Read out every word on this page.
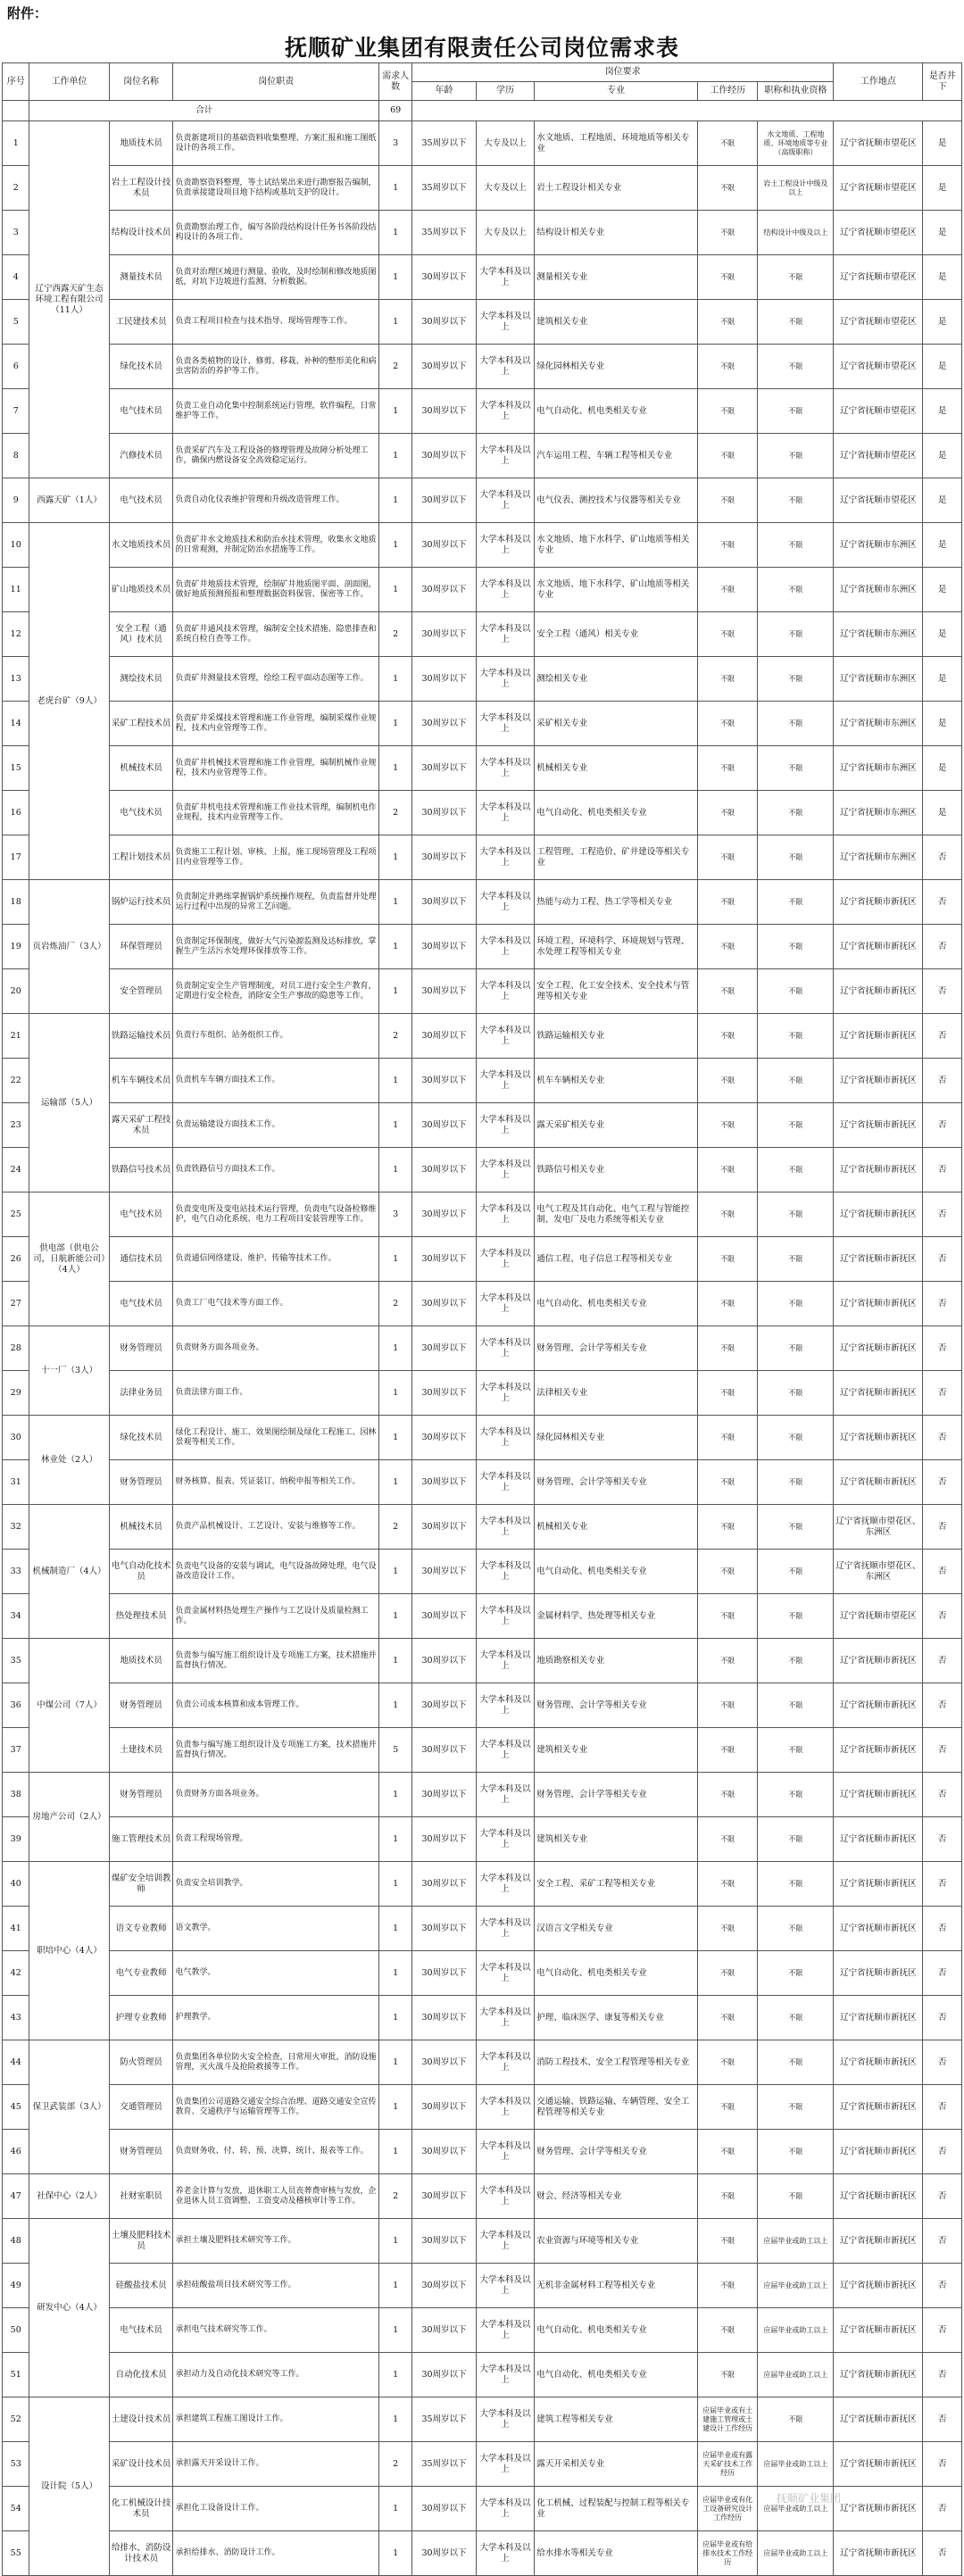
附件：
抚顺矿业集团有限责任公司岗位需求表
序号	工作单位	岗位名称	岗位职责	需求人数	岗位要求					工作地点	是否井下
					年龄	学历	专业	工作经历	职称和执业资格		
	合计			69							
1	辽宁西露天矿生态环境工程有限公司（11人）	地质技术员	负责新建项目的基础资料收集整理、方案汇报和施工图纸设计的各项工作。	3	35周岁以下	大专及以上	水文地质、工程地质、环境地质等相关专业	不限	水文地质、工程地质、环境地质等专业（高级职称）	辽宁省抚顺市望花区	是
2		岩土工程设计技术员	负责勘察资料整理，等土试结果出来进行勘察报告编制，负责承接建设项目地下结构或基坑支护的设计。	1	35周岁以下	大专及以上	岩土工程设计相关专业	不限	岩土工程设计中级及以上	辽宁省抚顺市望花区	是
3		结构设计技术员	负责勘察治理工作，编写各阶段结构设计任务书各阶段结构设计的各项工作。	1	35周岁以下	大专及以上	结构设计相关专业	不限	结构设计中级及以上	辽宁省抚顺市望花区	是
4		测量技术员	负责对治理区域进行测量、验收，及时绘制和修改地质图纸，对坑下边坡进行监测、分析数据。	1	30周岁以下	大学本科及以上	测量相关专业	不限	不限	辽宁省抚顺市望花区	是
5		工民建技术员	负责工程项目检查与技术指导、现场管理等工作。	1	30周岁以下	大学本科及以上	建筑相关专业	不限	不限	辽宁省抚顺市望花区	是
6		绿化技术员	负责各类植物的设计、修剪、移栽、补种的整形美化和病虫害防治的养护等工作。	2	30周岁以下	大学本科及以上	绿化园林相关专业	不限	不限	辽宁省抚顺市望花区	是
7		电气技术员	负责工业自动化集中控制系统运行管理，软件编程，日常维护等工作。	1	30周岁以下	大学本科及以上	电气自动化、机电类相关专业	不限	不限	辽宁省抚顺市望花区	是
8		汽修技术员	负责采矿汽车及工程设备的修理管理及故障分析处理工作，确保内燃设备安全高效稳定运行。	1	30周岁以下	大学本科及以上	汽车运用工程、车辆工程等相关专业	不限	不限	辽宁省抚顺市望花区	是
9	西露天矿（1人）	电气技术员	负责自动化仪表维护管理和升级改造管理工作。	1	30周岁以下	大学本科及以上	电气仪表、测控技术与仪器等相关专业	不限	不限	辽宁省抚顺市望花区	是
10	老虎台矿（9人）	水文地质技术员	负责矿井水文地质技术和防治水技术管理，收集水文地质的日常观测，并制定防治水措施等工作。	1	30周岁以下	大学本科及以上	水文地质、地下水科学、矿山地质等相关专业	不限	不限	辽宁省抚顺市东洲区	是
11		矿山地质技术员	负责矿井地质技术管理，绘制矿井地质图平面、剖面图，做好地质预测预报和整理数据资料保管、保密等工作。	1	30周岁以下	大学本科及以上	水文地质、地下水科学、矿山地质等相关专业	不限	不限	辽宁省抚顺市东洲区	是
12		安全工程（通风）技术员	负责矿井通风技术管理，编制安全技术措施、隐患排查和系统自检自查等工作。	2	30周岁以下	大学本科及以上	安全工程（通风）相关专业	不限	不限	辽宁省抚顺市东洲区	是
13		测绘技术员	负责矿井测量技术管理，绘绘工程平面动态图等工作。	1	30周岁以下	大学本科及以上	测绘相关专业	不限	不限	辽宁省抚顺市东洲区	是
14		采矿工程技术员	负责矿井采煤技术管理和施工作业管理，编制采煤作业规程，技术内业管理等工作。	1	30周岁以下	大学本科及以上	采矿相关专业	不限	不限	辽宁省抚顺市东洲区	是
15		机械技术员	负责矿井机械技术管理和施工作业管理，编制机械作业规程，技术内业管理等工作。	1	30周岁以下	大学本科及以上	机械相关专业	不限	不限	辽宁省抚顺市东洲区	是
16		电气技术员	负责矿井机电技术管理和施工作业技术管理，编制机电作业规程，技术内业管理等工作。	2	30周岁以下	大学本科及以上	电气自动化、机电类相关专业	不限	不限	辽宁省抚顺市东洲区	是
17		工程计划技术员	负责施工工程计划、审核、上报，施工现场管理及工程项目内业管理等工作。	1	30周岁以下	大学本科及以上	工程管理、工程造价、矿井建设等相关专业	不限	不限	辽宁省抚顺市东洲区	否
18	页岩炼油厂（3人）	锅炉运行技术员	负责制定并熟练掌握锅炉系统操作规程，负责监督并处理运行过程中出现的异常工艺问题。	1	30周岁以下	大学本科及以上	热能与动力工程、热工学等相关专业	不限	不限	辽宁省抚顺市新抚区	否
19		环保管理员	负责制定环保制度，做好大气污染源监测及达标排放，掌握生产生活污水处理环保排放等工作。	1	30周岁以下	大学本科及以上	环境工程、环境科学、环境规划与管理、水处理工程等相关专业	不限	不限	辽宁省抚顺市新抚区	否
20		安全管理员	负责制定安全生产管理制度，对员工进行安全生产教育，定期进行安全检查，消除安全生产事故的隐患等工作。	1	30周岁以下	大学本科及以上	安全工程、化工安全技术、安全技术与管理等相关专业	不限	不限	辽宁省抚顺市新抚区	否
21	运输部（5人）	铁路运输技术员	负责行车组织、站务组织工作。	2	30周岁以下	大学本科及以上	铁路运输相关专业	不限	不限	辽宁省抚顺市新抚区	否
22		机车车辆技术员	负责机车车辆方面技术工作。	1	30周岁以下	大学本科及以上	机车车辆相关专业	不限	不限	辽宁省抚顺市新抚区	否
23		露天采矿工程技术员	负责运输建设方面技术工作。	1	30周岁以下	大学本科及以上	露天采矿相关专业	不限	不限	辽宁省抚顺市新抚区	否
24		铁路信号技术员	负责铁路信号方面技术工作。	1	30周岁以下	大学本科及以上	铁路信号相关专业	不限	不限	辽宁省抚顺市新抚区	否
25	供电部（供电公司，日航新能公司）（4人）	电气技术员	负责变电所及变电站技术运行管理，负责电气设备检修维护，电气自动化系统、电力工程项目安装管理等工作。	3	30周岁以下	大学本科及以上	电气工程及其自动化、电气工程与智能控制、发电厂及电力系统等相关专业	不限	不限	辽宁省抚顺市新抚区	否
26		通信技术员	负责通信网络建设、维护、传输等技术工作。	1	30周岁以下	大学本科及以上	通信工程、电子信息工程等相关专业	不限	不限	辽宁省抚顺市新抚区	否
27		电气技术员	负责工厂电气技术等方面工作。	2	30周岁以下	大学本科及以上	电气自动化、机电类相关专业	不限	不限	辽宁省抚顺市新抚区	否
28	十一厂（3人）	财务管理员	负责财务方面各项业务。	1	30周岁以下	大学本科及以上	财务管理、会计学等相关专业	不限	不限	辽宁省抚顺市新抚区	否
29		法律业务员	负责法律方面工作。	1	30周岁以下	大学本科及以上	法律相关专业	不限	不限	辽宁省抚顺市新抚区	否
30	林业处（2人）	绿化技术员	绿化工程设计、施工、效果图绘制及绿化工程施工、园林景观等相关工作。	1	30周岁以下	大学本科及以上	绿化园林相关专业	不限	不限	辽宁省抚顺市新抚区	否
31		财务管理员	财务核算、报表、凭证装订、纳税申报等相关工作。	1	30周岁以下	大学本科及以上	财务管理、会计学等相关专业	不限	不限	辽宁省抚顺市新抚区	否
32	机械制造厂（4人）	机械技术员	负责产品机械设计、工艺设计、安装与维修等工作。	2	30周岁以下	大学本科及以上	机械相关专业	不限	不限	辽宁省抚顺市望花区、东洲区	否
33		电气自动化技术员	负责电气设备的安装与调试，电气设备故障处理，电气设备改造设计工作。	1	30周岁以下	大学本科及以上	电气自动化、机电类相关专业	不限	不限	辽宁省抚顺市望花区、东洲区	否
34		热处理技术员	负责金属材料热处理生产操作与工艺设计及质量检测工作。	1	30周岁以下	大学本科及以上	金属材料学、热处理等相关专业	不限	不限	辽宁省抚顺市望花区	否
35	中煤公司（7人）	地质技术员	负责参与编写施工组织设计及专项施工方案，技术措施并监督执行情况。	1	30周岁以下	大学本科及以上	地质勘察相关专业	不限	不限	辽宁省抚顺市新抚区	否
36		财务管理员	负责公司成本核算和成本管理工作。	1	30周岁以下	大学本科及以上	财务管理、会计学等相关专业	不限	不限	辽宁省抚顺市新抚区	否
37		土建技术员	负责参与编写施工组织设计及专项施工方案，技术措施并监督执行情况。	5	30周岁以下	大学本科及以上	建筑相关专业	不限	不限	辽宁省抚顺市新抚区	否
38	房地产公司（2人）	财务管理员	负责财务方面各项业务。	1	30周岁以下	大学本科及以上	财务管理、会计学等相关专业	不限	不限	辽宁省抚顺市新抚区	否
39		施工管理技术员	负责工程现场管理。	1	30周岁以下	大学本科及以上	建筑相关专业	不限	不限	辽宁省抚顺市新抚区	否
40	职培中心（4人）	煤矿安全培训教师	负责安全培训教学。	1	30周岁以下	大学本科及以上	安全工程、采矿工程等相关专业	不限	不限	辽宁省抚顺市新抚区	否
41		语文专业教师	语文教学。	1	30周岁以下	大学本科及以上	汉语言文学相关专业	不限	不限	辽宁省抚顺市新抚区	否
42		电气专业教师	电气教学。	1	30周岁以下	大学本科及以上	电气自动化、机电类相关专业	不限	不限	辽宁省抚顺市新抚区	否
43		护理专业教师	护理教学。	1	30周岁以下	大学本科及以上	护理、临床医学、康复等相关专业	不限	不限	辽宁省抚顺市新抚区	否
44	保卫武装部（3人）	防火管理员	负责集团各单位防火安全检查，日常用火审批，消防设施管理，灭火战斗及抢险救援等工作。	1	30周岁以下	大学本科及以上	消防工程技术、安全工程管理等相关专业	不限	不限	辽宁省抚顺市新抚区	否
45		交通管理员	负责集团公司道路交通安全综合治理、道路交通安全宣传教育、交通秩序与运输管理等工作。	1	30周岁以下	大学本科及以上	交通运输、铁路运输、车辆管理、安全工程管理等相关专业	不限	不限	辽宁省抚顺市新抚区	否
46		财务管理员	负责财务收、付、转、预、决算、统计、报表等工作。	1	30周岁以下	大学本科及以上	财务管理、会计学等相关专业	不限	不限	辽宁省抚顺市新抚区	否
47	社保中心（2人）	社财室职员	养老金计算与发放，退休职工人员丧葬费审核与发放，企业退休人员工资调整、工资变动及稽核审计等工作。	2	30周岁以下	大学本科及以上	财会、经济等相关专业	不限	不限	辽宁省抚顺市新抚区	否
48	研发中心（4人）	土壤及肥料技术员	承担土壤及肥料技术研究等工作。	1	30周岁以下	大学本科及以上	农业资源与环境等相关专业	不限	应届毕业或助工以上	辽宁省抚顺市新抚区	否
49		硅酸盐技术员	承担硅酸盐项目技术研究等工作。	1	30周岁以下	大学本科及以上	无机非金属材料工程等相关专业	不限	应届毕业或助工以上	辽宁省抚顺市新抚区	否
50		电气技术员	承担电气技术研究等工作。	1	30周岁以下	大学本科及以上	电气自动化、机电类相关专业	不限	应届毕业或助工以上	辽宁省抚顺市新抚区	否
51		自动化技术员	承担动力及自动化技术研究等工作。	1	30周岁以下	大学本科及以上	电气自动化、机电类相关专业	不限	应届毕业或助工以上	辽宁省抚顺市新抚区	否
52	设计院（5人）	土建设计技术员	承担建筑工程施工图设计工作。	1	35周岁以下	大学本科及以上	建筑工程等相关专业	应届毕业或有土建施工管理或土建设计工作经历	不限	辽宁省抚顺市新抚区	否
53		采矿设计技术员	承担露天开采设计工作。	2	35周岁以下	大学本科及以上	露天开采相关专业	应届毕业或有露天采矿技术工作经历	应届毕业或助工以上	辽宁省抚顺市新抚区	否
54		化工机械设计技术员	承担化工设备设计工作。	1	30周岁以下	大学本科及以上	化工机械、过程装配与控制工程等相关专业	应届毕业或有化工设备研究设计工作经历	应届毕业或助工以上	辽宁省抚顺市新抚区	否
55		给排水、消防设计技术员	承担给排水、消防设计工作。	1	30周岁以下	大学本科及以上	给水排水等相关专业	应届毕业或有给排水技术工作经历	应届毕业或助工以上	辽宁省抚顺市新抚区	否
抚顺矿业集团
